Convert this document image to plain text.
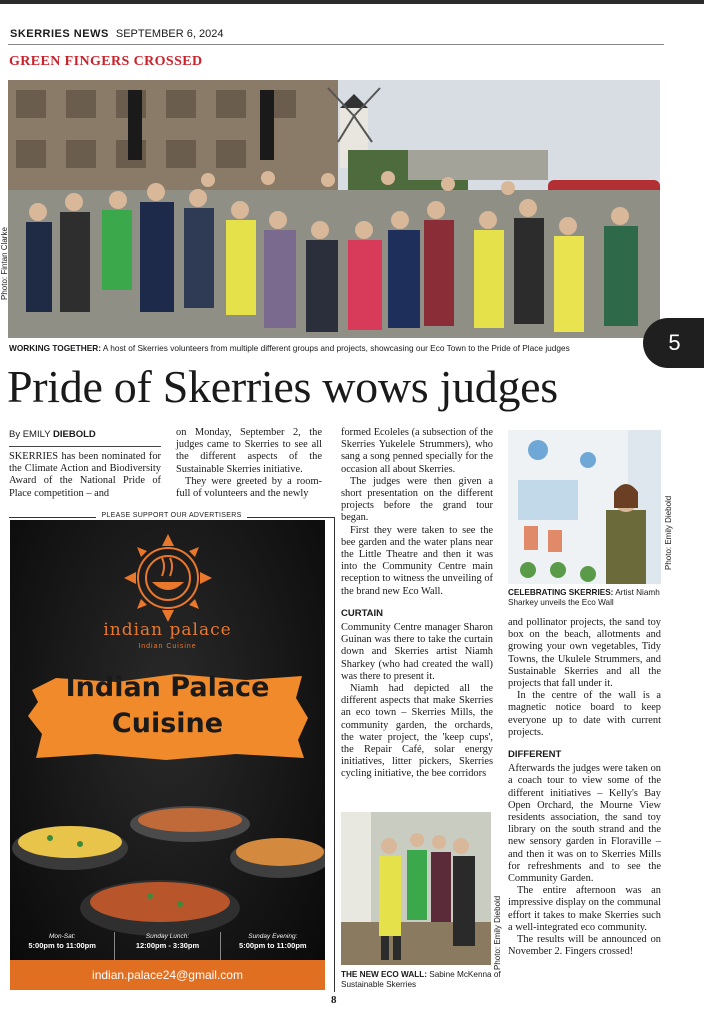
SKERRIES NEWS SEPTEMBER 6, 2024
GREEN FINGERS CROSSED
Photo: Fintan Clarke
WORKING TOGETHER: A host of Skerries volunteers from multiple different groups and projects, showcasing our Eco Town to the Pride of Place judges	5
Pride of Skerries wows judges
By EMILY DIEBOLD

SKERRIES has been nominated for the Climate Action and Biodiversity Award of the National Pride of Place competition – and

on Monday, September 2, the judges came to Skerries to see all the different aspects of the Sustainable Skerries initiative.

They were greeted by a room-full of volunteers and the newly

PLEASE SUPPORT OUR ADVERTISERS
indian palace
Indian Cuisine
Indian Palace
Cuisine
Mon-Sat:
5:00pm to 11:00pm
Sunday Lunch:
12:00pm - 3:30pm
Sunday Evening:
5:00pm to 11:00pm
indian.palace24@gmail.com

formed Ecoleles (a subsection of the Skerries Yukelele Strummers), who sang a song penned specially for the occasion all about Skerries.

The judges were then given a short presentation on the different projects before the grand tour began.

First they were taken to see the bee garden and the water plans near the Little Theatre and then it was into the Community Centre main reception to witness the unveiling of the brand new Eco Wall.

CURTAIN

Community Centre manager Sharon Guinan was there to take the curtain down and Skerries artist Niamh Sharkey (who had created the wall) was there to present it.

Niamh had depicted all the different aspects that make Skerries an eco town – Skerries Mills, the community garden, the orchards, the water project, the 'keep cups', the Repair Café, solar energy initiatives, litter pickers, Skerries cycling initiative, the bee corridors

Photo: Emily Diebold
CELEBRATING SKERRIES: Artist Niamh Sharkey unveils the Eco Wall

and pollinator projects, the sand toy box on the beach, allotments and growing your own vegetables, Tidy Towns, the Ukulele Strummers, and Sustainable Skerries and all the projects that fall under it.

In the centre of the wall is a magnetic notice board to keep everyone up to date with current projects.

DIFFERENT

Afterwards the judges were taken on a coach tour to view some of the different initiatives – Kelly's Bay Open Orchard, the Mourne View residents association, the sand toy library on the south strand and the new sensory garden in Floraville – and then it was on to Skerries Mills for refreshments and to see the Community Garden.

The entire afternoon was an impressive display on the communal effort it takes to make Skerries such a well-integrated eco community.

The results will be announced on November 2. Fingers crossed!

Photo: Emily Diebold
THE NEW ECO WALL: Sabine McKenna of Sustainable Skerries
8
